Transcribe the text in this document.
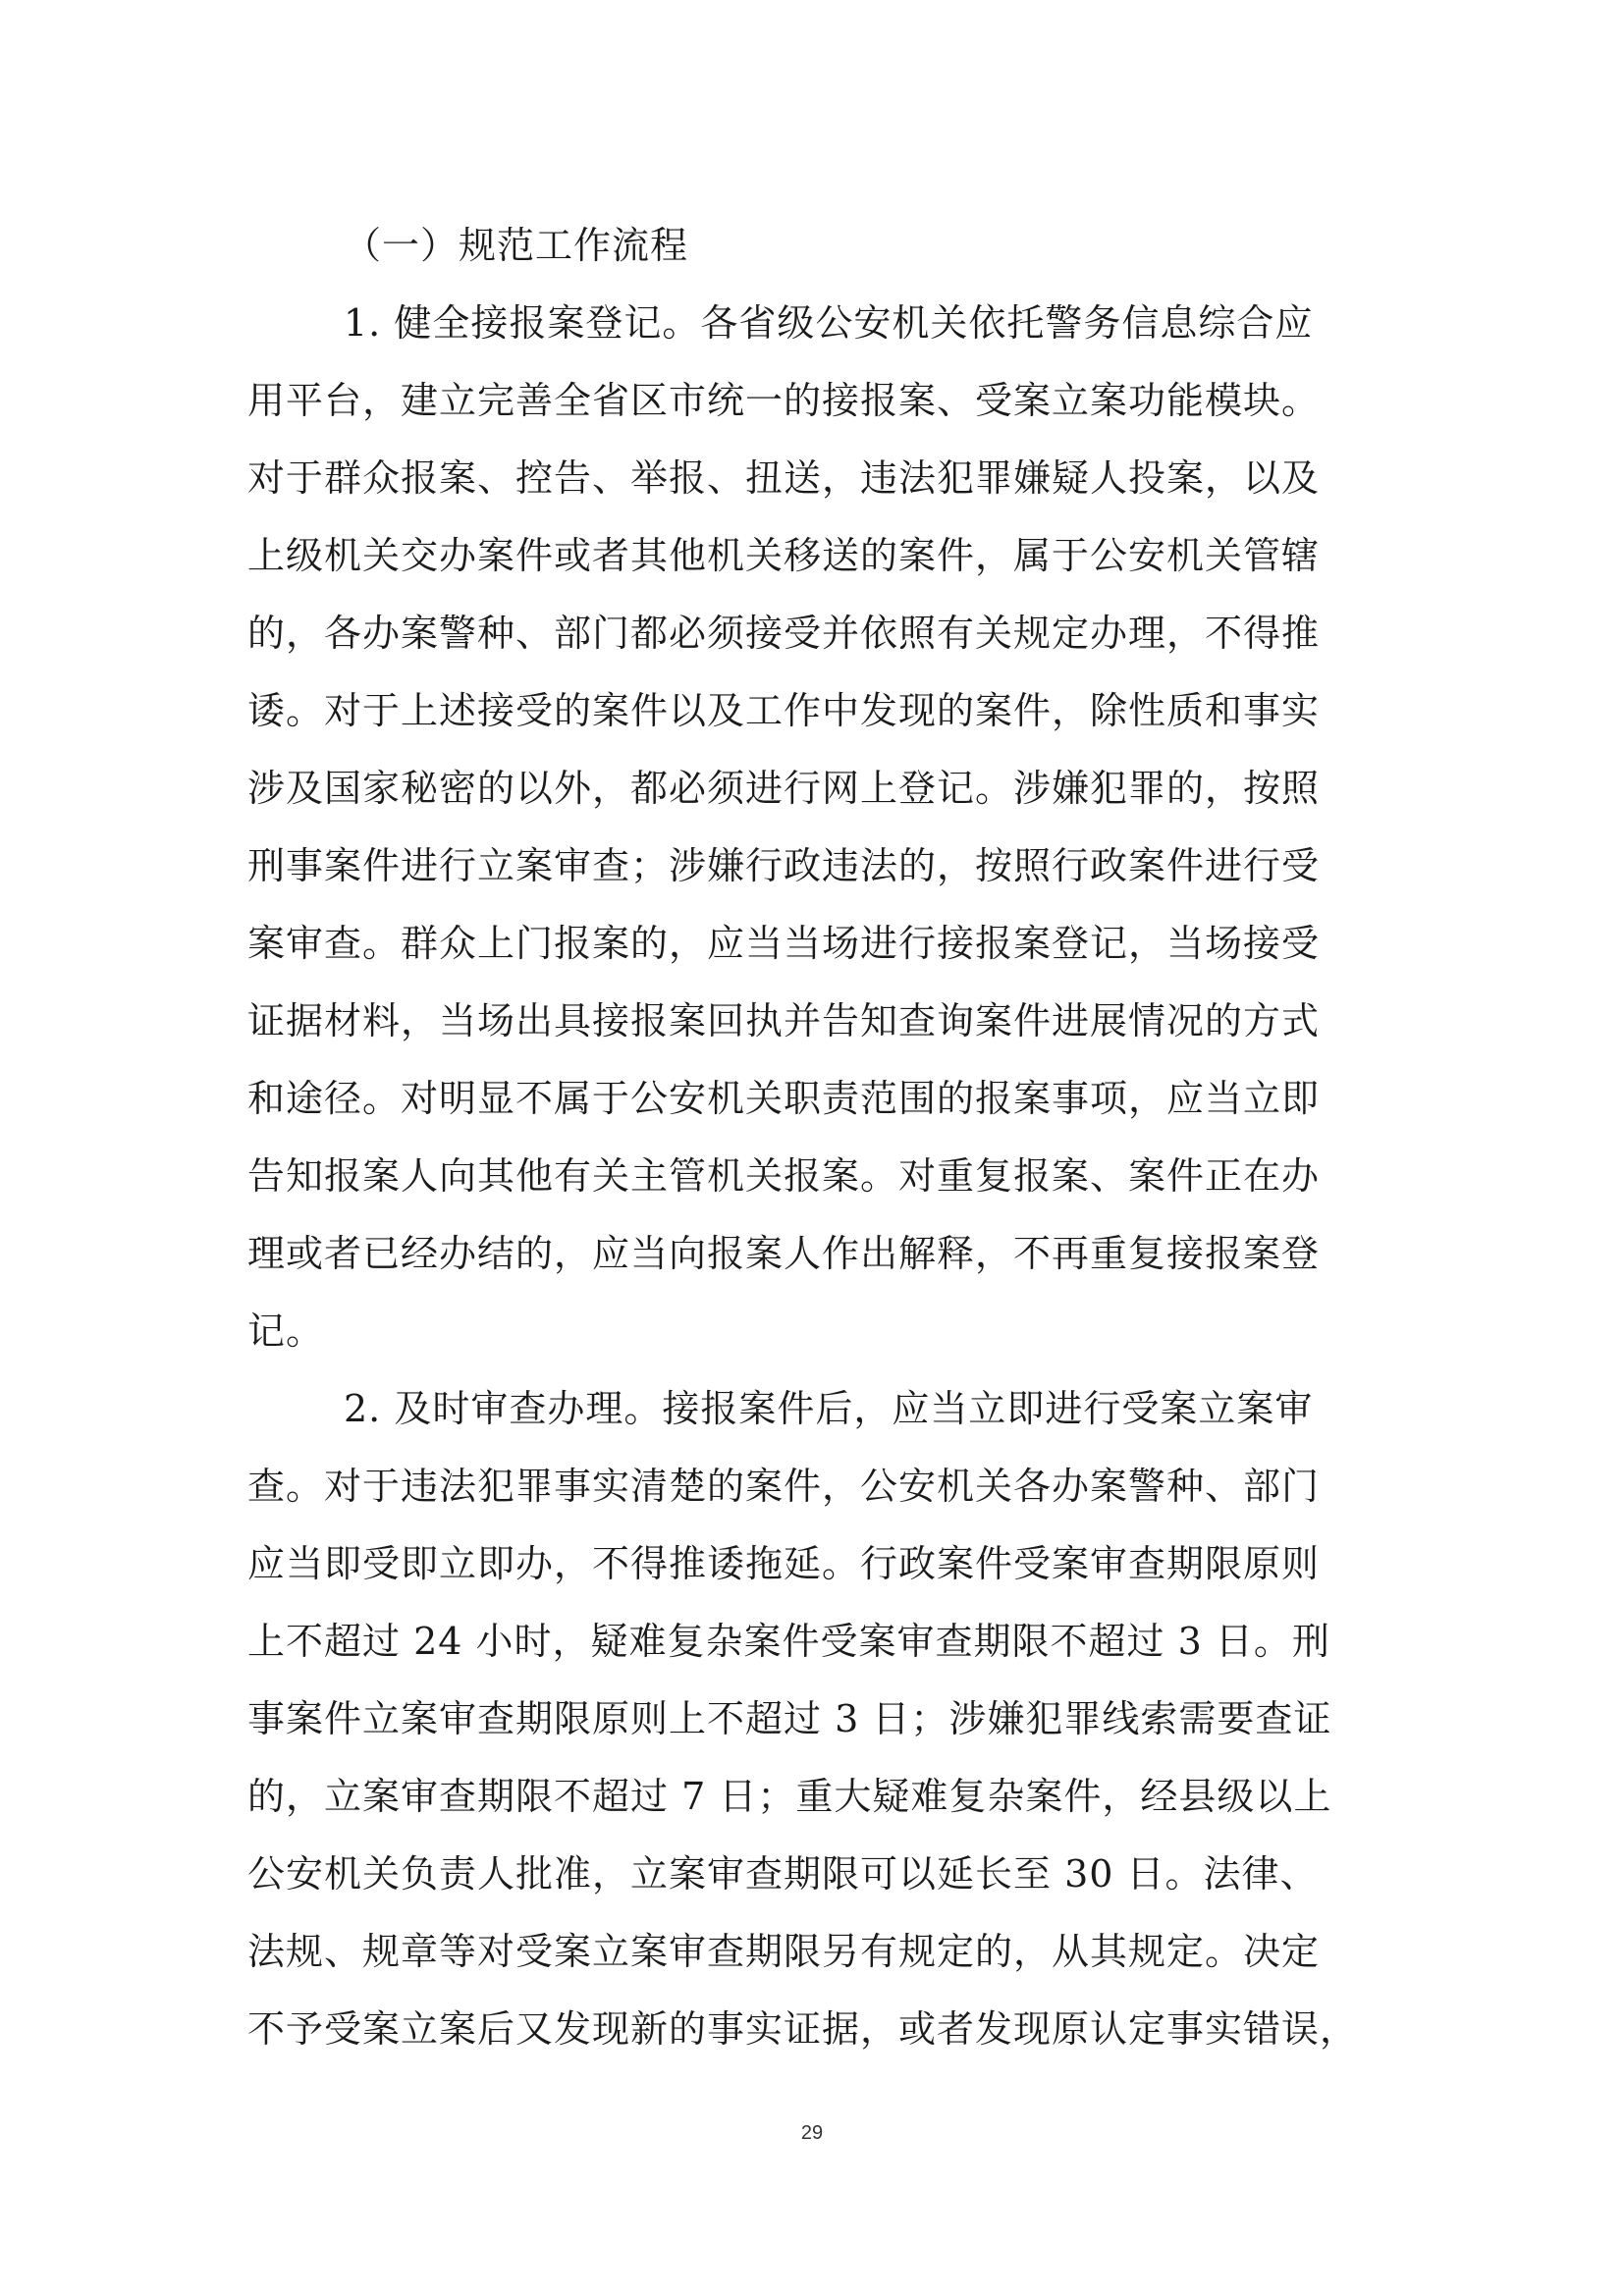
（一）规范工作流程
1. 健全接报案登记。各省级公安机关依托警务信息综合应
用平台，建立完善全省区市统一的接报案、受案立案功能模块。
对于群众报案、控告、举报、扭送，违法犯罪嫌疑人投案，以及
上级机关交办案件或者其他机关移送的案件，属于公安机关管辖
的，各办案警种、部门都必须接受并依照有关规定办理，不得推
诿。对于上述接受的案件以及工作中发现的案件，除性质和事实
涉及国家秘密的以外，都必须进行网上登记。涉嫌犯罪的，按照
刑事案件进行立案审查；涉嫌行政违法的，按照行政案件进行受
案审查。群众上门报案的，应当当场进行接报案登记，当场接受
证据材料，当场出具接报案回执并告知查询案件进展情况的方式
和途径。对明显不属于公安机关职责范围的报案事项，应当立即
告知报案人向其他有关主管机关报案。对重复报案、案件正在办
理或者已经办结的，应当向报案人作出解释，不再重复接报案登
记。
2. 及时审查办理。接报案件后，应当立即进行受案立案审
查。对于违法犯罪事实清楚的案件，公安机关各办案警种、部门
应当即受即立即办，不得推诿拖延。行政案件受案审查期限原则
上不超过 24 小时，疑难复杂案件受案审查期限不超过 3 日。刑
事案件立案审查期限原则上不超过 3 日；涉嫌犯罪线索需要查证
的，立案审查期限不超过 7 日；重大疑难复杂案件，经县级以上
公安机关负责人批准，立案审查期限可以延长至 30 日。法律、
法规、规章等对受案立案审查期限另有规定的，从其规定。决定
不予受案立案后又发现新的事实证据，或者发现原认定事实错误，
29
